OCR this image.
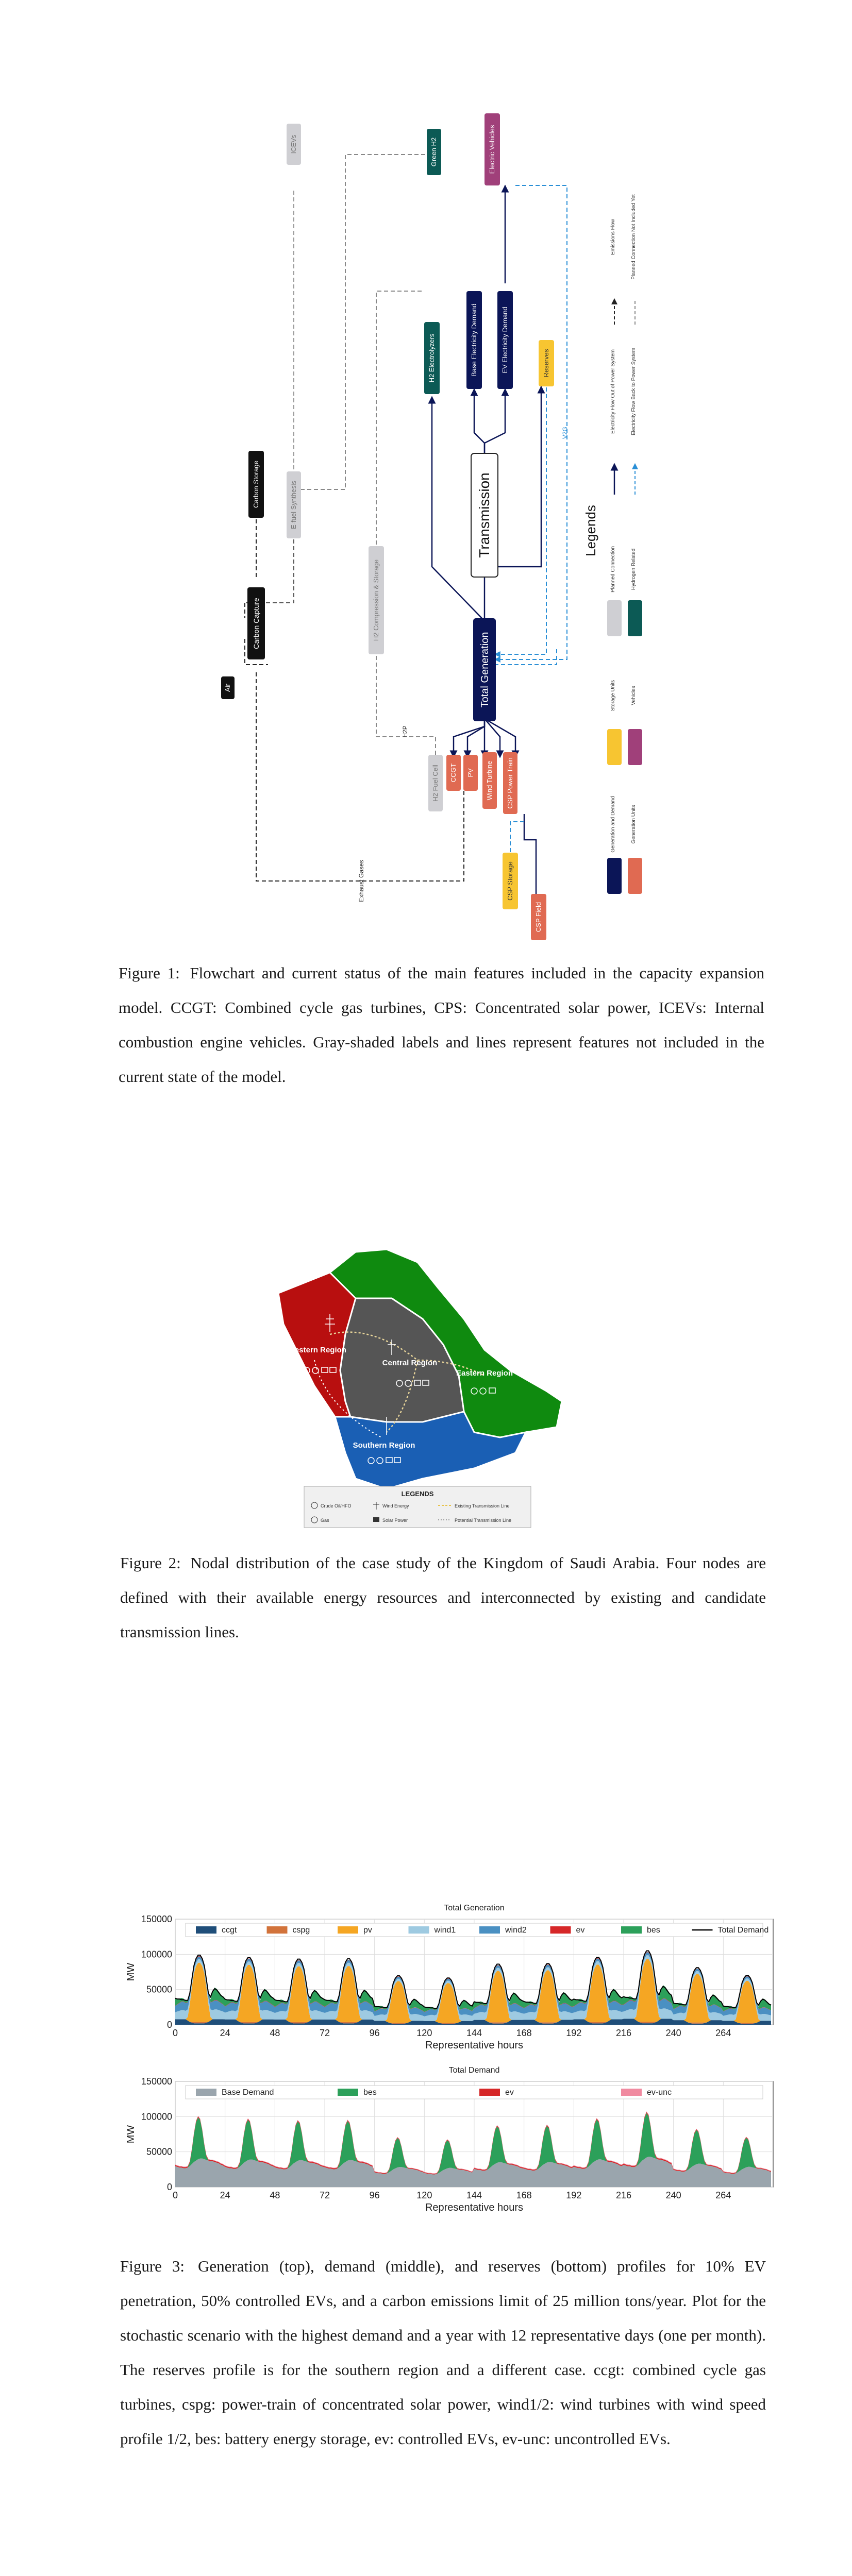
ICEVs	Green H2	Electric Vehicles
Carbon Storage	E-fuel Synthesis
H2 Electrolyzers	Base Electricity Demand	EV Electricity Demand	Reserves
Transmission
H2 Compression & Storage
Carbon Capture
Air	Total Generation
H2 Fuel Cell CCGT PV Wind Turbine CSP Power Train
CSP Storage
CSP Field
V2G
H2P
Exhaust Gases
Legends
Generation and Demand	Generation Units
Storage Units	Vehicles
Planned Connection	Hydrogen Related
Electricity Flow Out of Power System	Electricity Flow Back to Power System
Emissions Flow	Planned Connection Not Included Yet
Figure 1: Flowchart and current status of the main features included in the capacity expansion model. CCGT: Combined cycle gas turbines, CPS: Concentrated solar power, ICEVs: Internal combustion engine vehicles. Gray-shaded labels and lines represent features not included in the current state of the model.
Western Region
Central Region
Eastern Region
Southern Region
LEGENDS
Crude Oil/HFO
Gas
Wind Energy
Solar Power
Existing Transmission Line
Potential Transmission Line
Figure 2: Nodal distribution of the case study of the Kingdom of Saudi Arabia. Four nodes are defined with their available energy resources and interconnected by existing and candidate transmission lines.
Total Generation
0	24	48	72	96	120	144	168	192	216	240	264
0
50000
100000
150000
Representative hours
MW
ccgt	cspg	pv	wind1	wind2	ev	bes	Total Demand
Total Demand
0	24	48	72	96	120	144	168	192	216	240	264
0
50000
100000
150000
Representative hours
MW
Base Demand	bes	ev	ev-unc
Figure 3: Generation (top), demand (middle), and reserves (bottom) profiles for 10% EV penetration, 50% controlled EVs, and a carbon emissions limit of 25 million tons/year. Plot for the stochastic scenario with the highest demand and a year with 12 representative days (one per month). The reserves profile is for the southern region and a different case. ccgt: combined cycle gas turbines, cspg: power-train of concentrated solar power, wind1/2: wind turbines with wind speed profile 1/2, bes: battery energy storage, ev: controlled EVs, ev-unc: uncontrolled EVs.
